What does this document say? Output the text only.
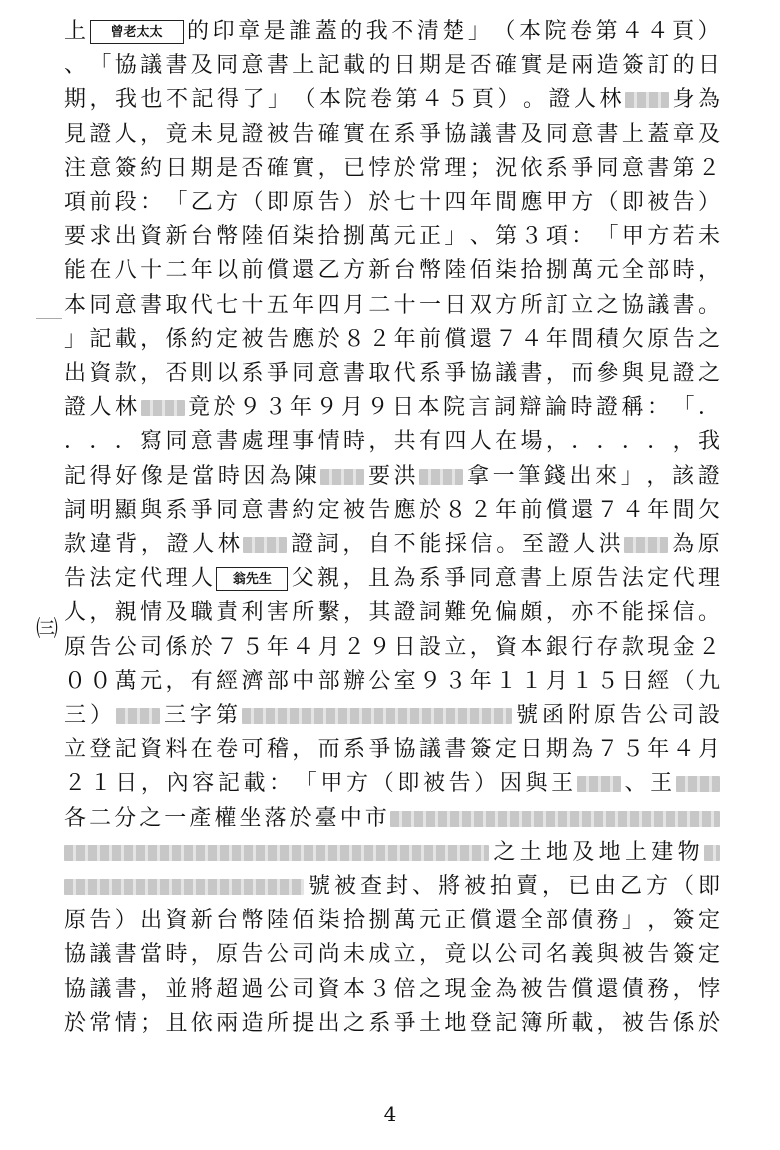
上	曾老太太	的 印 章 是 誰 蓋 的 我 不 清 楚 」 （ 本 院 卷 第 ４ ４ 頁 ）
、 「 協 議 書 及 同 意 書 上 記 載 的 日 期 是 否 確 實 是 兩 造 簽 訂 的 日
期 ， 我 也 不 記 得 了 」 （ 本 院 卷 第 ４ ５ 頁 ） 。 證 人 林 身 為
見 證 人 ， 竟 未 見 證 被 告 確 實 在 系 爭 協 議 書 及 同 意 書 上 蓋 章 及
注 意 簽 約 日 期 是 否 確 實 ， 已 悖 於 常 理 ； 況 依 系 爭 同 意 書 第 ２
項 前 段 ： 「 乙 方 （ 即 原 告 ） 於 七 十 四 年 間 應 甲 方 （ 即 被 告 ）
要 求 出 資 新 台 幣 陸 佰 柒 拾 捌 萬 元 正 」 、 第 ３ 項 ： 「 甲 方 若 未
能 在 八 十 二 年 以 前 償 還 乙 方 新 台 幣 陸 佰 柒 拾 捌 萬 元 全 部 時 ，
本 同 意 書 取 代 七 十 五 年 四 月 二 十 一 日 双 方 所 訂 立 之 協 議 書 。
」 記 載 ， 係 約 定 被 告 應 於 ８ ２ 年 前 償 還 ７ ４ 年 間 積 欠 原 告 之
出 資 款 ， 否 則 以 系 爭 同 意 書 取 代 系 爭 協 議 書 ， 而 參 與 見 證 之
證 人 林 竟 於 ９ ３ 年 ９ 月 ９ 日 本 院 言 詞 辯 論 時 證 稱 ： 「 ．
． ． ． 寫 同 意 書 處 理 事 情 時 ， 共 有 四 人 在 場 ， ． ． ． ． ， 我
記 得 好 像 是 當 時 因 為 陳 要 洪 拿 一 筆 錢 出 來 」 ， 該 證
詞 明 顯 與 系 爭 同 意 書 約 定 被 告 應 於 ８ ２ 年 前 償 還 ７ ４ 年 間 欠
款 違 背 ， 證 人 林 證 詞 ， 自 不 能 採 信 。 至 證 人 洪 為 原
告 法 定 代 理 人	翁先生 父 親 ， 且 為 系 爭 同 意 書 上 原 告 法 定 代 理
人 ， 親 情 及 職 責 利 害 所 繫 ， 其 證 詞 難 免 偏 頗 ， 亦 不 能 採 信 。
原 告 公 司 係 於 ７ ５ 年 ４ 月 ２ ９ 日 設 立 ， 資 本 銀 行 存 款 現 金 ２
０ ０ 萬 元 ， 有 經 濟 部 中 部 辦 公 室 ９ ３ 年 １ １ 月 １ ５ 日 經 （ 九
三 ） 三 字 第	號 函 附 原 告 公 司 設
立 登 記 資 料 在 卷 可 稽 ， 而 系 爭 協 議 書 簽 定 日 期 為 ７ ５ 年 ４ 月
２ １ 日 ， 內 容 記 載 ： 「 甲 方 （ 即 被 告 ） 因 與 王 、 王
各 二 分 之 一 產 權 坐 落 於 臺 中 市
之 土 地 及 地 上 建 物
號 被 查 封 、 將 被 拍 賣 ， 已 由 乙 方 （ 即
原 告 ） 出 資 新 台 幣 陸 佰 柒 拾 捌 萬 元 正 償 還 全 部 債 務 」 ， 簽 定
協 議 書 當 時 ， 原 告 公 司 尚 未 成 立 ， 竟 以 公 司 名 義 與 被 告 簽 定
協 議 書 ， 並 將 超 過 公 司 資 本 ３ 倍 之 現 金 為 被 告 償 還 債 務 ， 悖
於 常 情 ； 且 依 兩 造 所 提 出 之 系 爭 土 地 登 記 簿 所 載 ， 被 告 係 於
㈢
4
